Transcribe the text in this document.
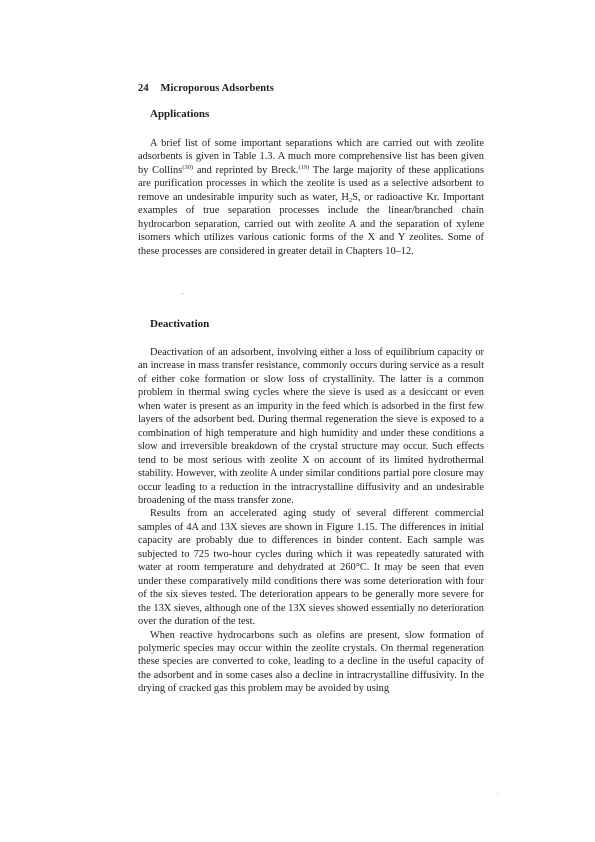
24 Microporous Adsorbents
Applications

A brief list of some important separations which are carried out with zeolite adsorbents is given in Table 1.3. A much more comprehensive list has been given by Collins$^{(30)}$ and reprinted by Breck.$^{(19)}$ The large majority of these applications are purification processes in which the zeolite is used as a selective adsorbent to remove an undesirable impurity such as water, $H_2S$, or radioactive Kr. Important examples of true separation processes include the linear/branched chain hydrocarbon separation, carried out with zeolite A and the separation of xylene isomers which utilizes various cationic forms of the X and Y zeolites. Some of these processes are considered in greater detail in Chapters 10–12.

Deactivation

Deactivation of an adsorbent, involving either a loss of equilibrium capacity or an increase in mass transfer resistance, commonly occurs during service as a result of either coke formation or slow loss of crystallinity. The latter is a common problem in thermal swing cycles where the sieve is used as a desiccant or even when water is present as an impurity in the feed which is adsorbed in the first few layers of the adsorbent bed. During thermal regeneration the sieve is exposed to a combination of high temperature and high humidity and under these conditions a slow and irreversible breakdown of the crystal structure may occur. Such effects tend to be most serious with zeolite X on account of its limited hydrothermal stability. However, with zeolite A under similar conditions partial pore closure may occur leading to a reduction in the intracrystalline diffusivity and an undesirable broadening of the mass transfer zone.

Results from an accelerated aging study of several different commercial samples of 4A and 13X sieves are shown in Figure 1.15. The differences in initial capacity are probably due to differences in binder content. Each sample was subjected to 725 two-hour cycles during which it was repeatedly saturated with water at room temperature and dehydrated at 260°C. It may be seen that even under these comparatively mild conditions there was some deterioration with four of the six sieves tested. The deterioration appears to be generally more severe for the 13X sieves, although one of the 13X sieves showed essentially no deterioration over the duration of the test.

When reactive hydrocarbons such as olefins are present, slow formation of polymeric species may occur within the zeolite crystals. On thermal regeneration these species are converted to coke, leading to a decline in the useful capacity of the adsorbent and in some cases also a decline in intracrystalline diffusivity. In the drying of cracked gas this problem may be avoided by using
